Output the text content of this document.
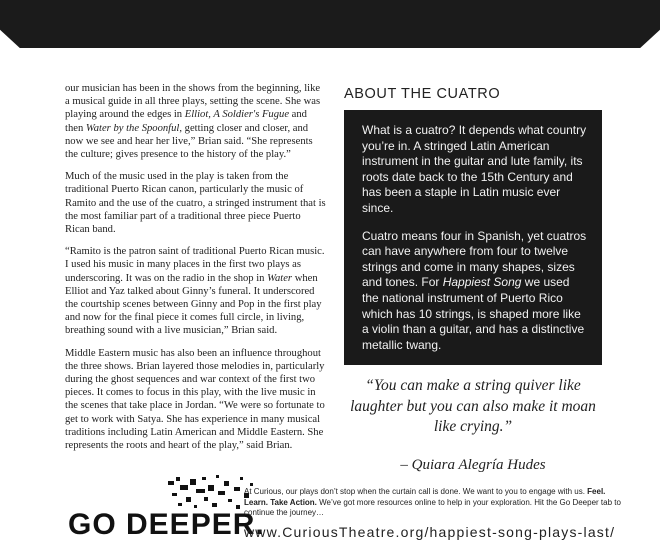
our musician has been in the shows from the beginning, like a musical guide in all three plays, setting the scene. She was playing around the edges in Elliot, A Soldier's Fugue and then Water by the Spoonful, getting closer and closer, and now we see and hear her live,” Brian said. “She represents the culture; gives presence to the history of the play.”

Much of the music used in the play is taken from the traditional Puerto Rican canon, particularly the music of Ramito and the use of the cuatro, a stringed instrument that is the most familiar part of a traditional three piece Puerto Rican band.

“Ramito is the patron saint of traditional Puerto Rican music. I used his music in many places in the first two plays as underscoring. It was on the radio in the shop in Water when Elliot and Yaz talked about Ginny’s funeral. It underscored the courtship scenes between Ginny and Pop in the first play and now for the final piece it comes full circle, in living, breathing sound with a live musician,” Brian said.

Middle Eastern music has also been an influence throughout the three shows. Brian layered those melodies in, particularly during the ghost sequences and war context of the first two pieces. It comes to focus in this play, with the live music in the scenes that take place in Jordan. “We were so fortunate to get to work with Satya. She has experience in many musical traditions including Latin American and Middle Eastern. She represents the roots and heart of the play,” said Brian.

ABOUT THE CUATRO

What is a cuatro? It depends what country you’re in. A stringed Latin American instrument in the guitar and lute family, its roots date back to the 15th Century and has been a staple in Latin music ever since.

Cuatro means four in Spanish, yet cuatros can have anywhere from four to twelve strings and come in many shapes, sizes and tones. For Happiest Song we used the national instrument of Puerto Rico which has 10 strings, is shaped more like a violin than a guitar, and has a distinctive metallic twang.

“You can make a string quiver like laughter but you can also make it moan like crying.”
– Quiara Alegría Hudes
GO DEEPER.
At Curious, our plays don’t stop when the curtain call is done. We want to you to engage with us. Feel. Learn. Take Action. We’ve got more resources online to help in your exploration. Hit the Go Deeper tab to continue the journey…
www.CuriousTheatre.org/happiest-song-plays-last/
